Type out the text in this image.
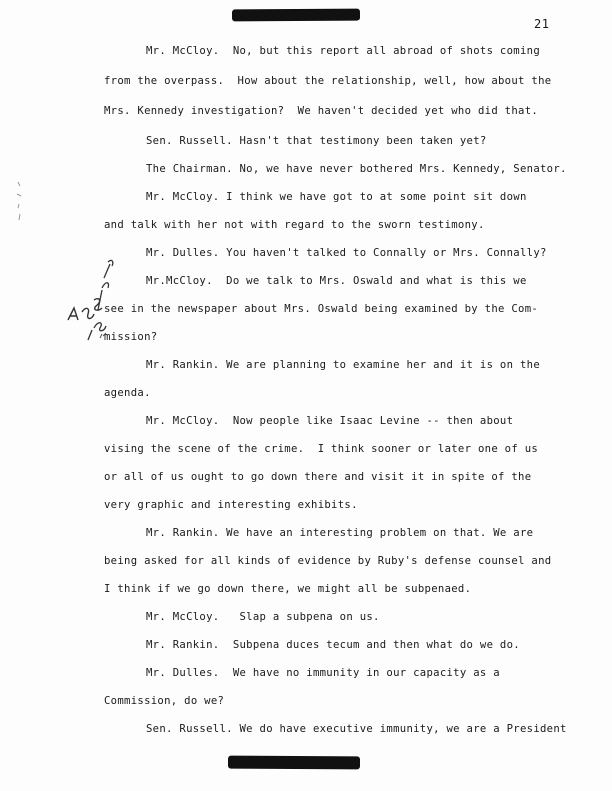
21
Mr. McCloy.  No, but this report all abroad of shots coming
from the overpass.  How about the relationship, well, how about the
Mrs. Kennedy investigation?  We haven't decided yet who did that.
Sen. Russell. Hasn't that testimony been taken yet?
The Chairman. No, we have never bothered Mrs. Kennedy, Senator.
Mr. McCloy. I think we have got to at some point sit down
and talk with her not with regard to the sworn testimony.
Mr. Dulles. You haven't talked to Connally or Mrs. Connally?
Mr.McCloy.  Do we talk to Mrs. Oswald and what is this we
see in the newspaper about Mrs. Oswald being examined by the Com-
mission?
Mr. Rankin. We are planning to examine her and it is on the
agenda.
Mr. McCloy.  Now people like Isaac Levine -- then about
vising the scene of the crime.  I think sooner or later one of us
or all of us ought to go down there and visit it in spite of the
very graphic and interesting exhibits.
Mr. Rankin. We have an interesting problem on that. We are
being asked for all kinds of evidence by Ruby's defense counsel and
I think if we go down there, we might all be subpenaed.
Mr. McCloy.   Slap a subpena on us.
Mr. Rankin.  Subpena duces tecum and then what do we do.
Mr. Dulles.  We have no immunity in our capacity as a
Commission, do we?
Sen. Russell. We do have executive immunity, we are a President
